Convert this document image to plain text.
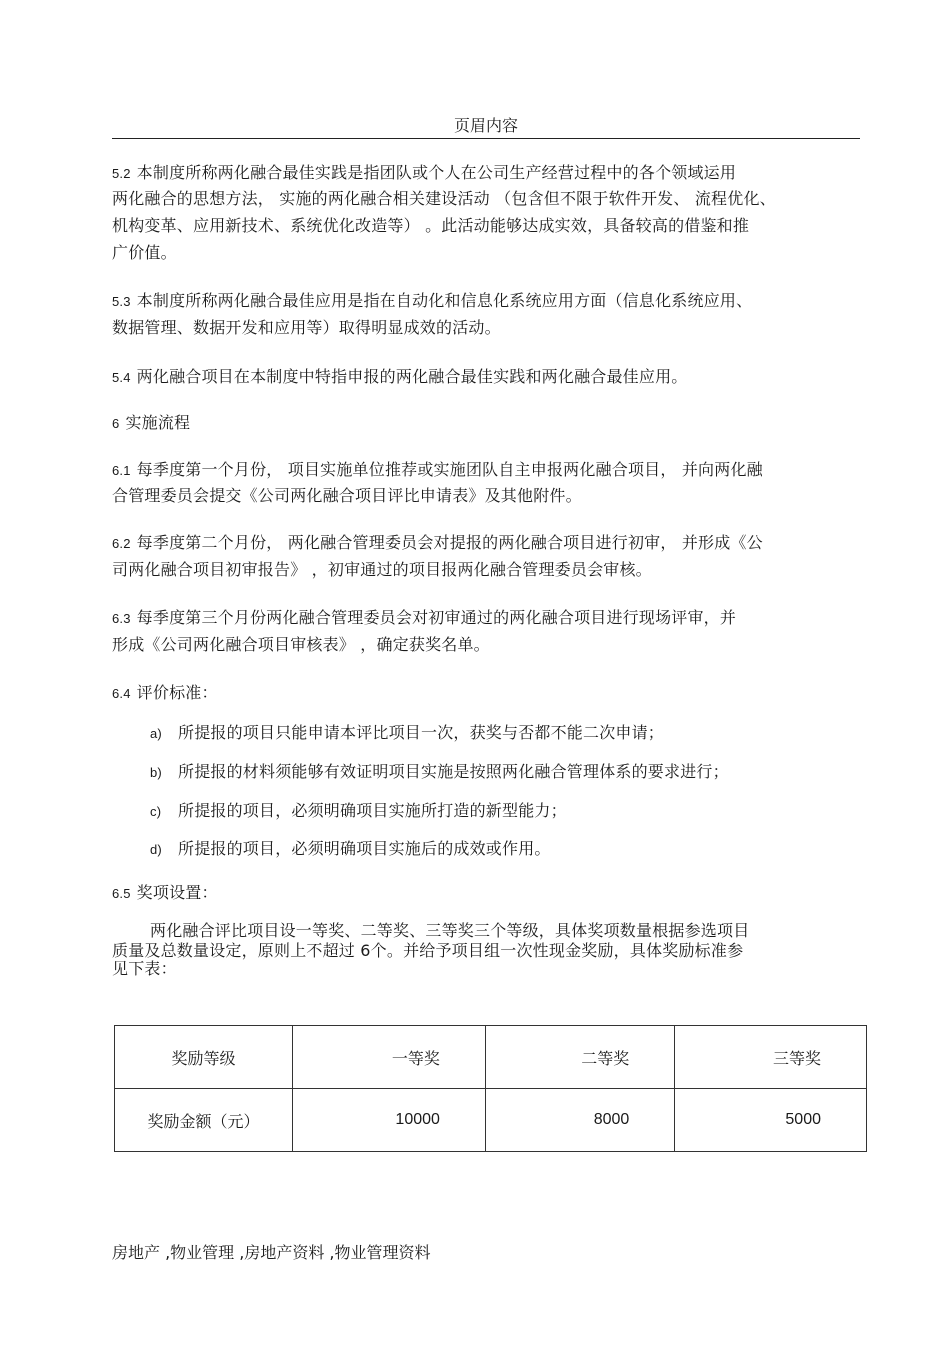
页眉内容
5.2 本制度所称两化融合最佳实践是指团队或个人在公司生产经营过程中的各个领域运用
两化融合的思想方法， 实施的两化融合相关建设活动 （包含但不限于软件开发、 流程优化、
机构变革、应用新技术、系统优化改造等） 。此活动能够达成实效，具备较高的借鉴和推
广价值。
5.3 本制度所称两化融合最佳应用是指在自动化和信息化系统应用方面（信息化系统应用、
数据管理、数据开发和应用等）取得明显成效的活动。
5.4 两化融合项目在本制度中特指申报的两化融合最佳实践和两化融合最佳应用。
6 实施流程
6.1 每季度第一个月份， 项目实施单位推荐或实施团队自主申报两化融合项目， 并向两化融
合管理委员会提交《公司两化融合项目评比申请表》及其他附件。
6.2 每季度第二个月份， 两化融合管理委员会对提报的两化融合项目进行初审， 并形成《公
司两化融合项目初审报告》 ，初审通过的项目报两化融合管理委员会审核。
6.3 每季度第三个月份两化融合管理委员会对初审通过的两化融合项目进行现场评审，并
形成《公司两化融合项目审核表》 ，确定获奖名单。
6.4 评价标准：
a) 所提报的项目只能申请本评比项目一次，获奖与否都不能二次申请；
b) 所提报的材料须能够有效证明项目实施是按照两化融合管理体系的要求进行；
c) 所提报的项目，必须明确项目实施所打造的新型能力；
d) 所提报的项目，必须明确项目实施后的成效或作用。
6.5 奖项设置：
两化融合评比项目设一等奖、二等奖、三等奖三个等级，具体奖项数量根据参选项目
质量及总数量设定，原则上不超过 6个。并给予项目组一次性现金奖励，具体奖励标准参
见下表：
奖励等级	一等奖	二等奖	三等奖
奖励金额（元）	10000	8000	5000
房地产 ,物业管理 ,房地产资料 ,物业管理资料
